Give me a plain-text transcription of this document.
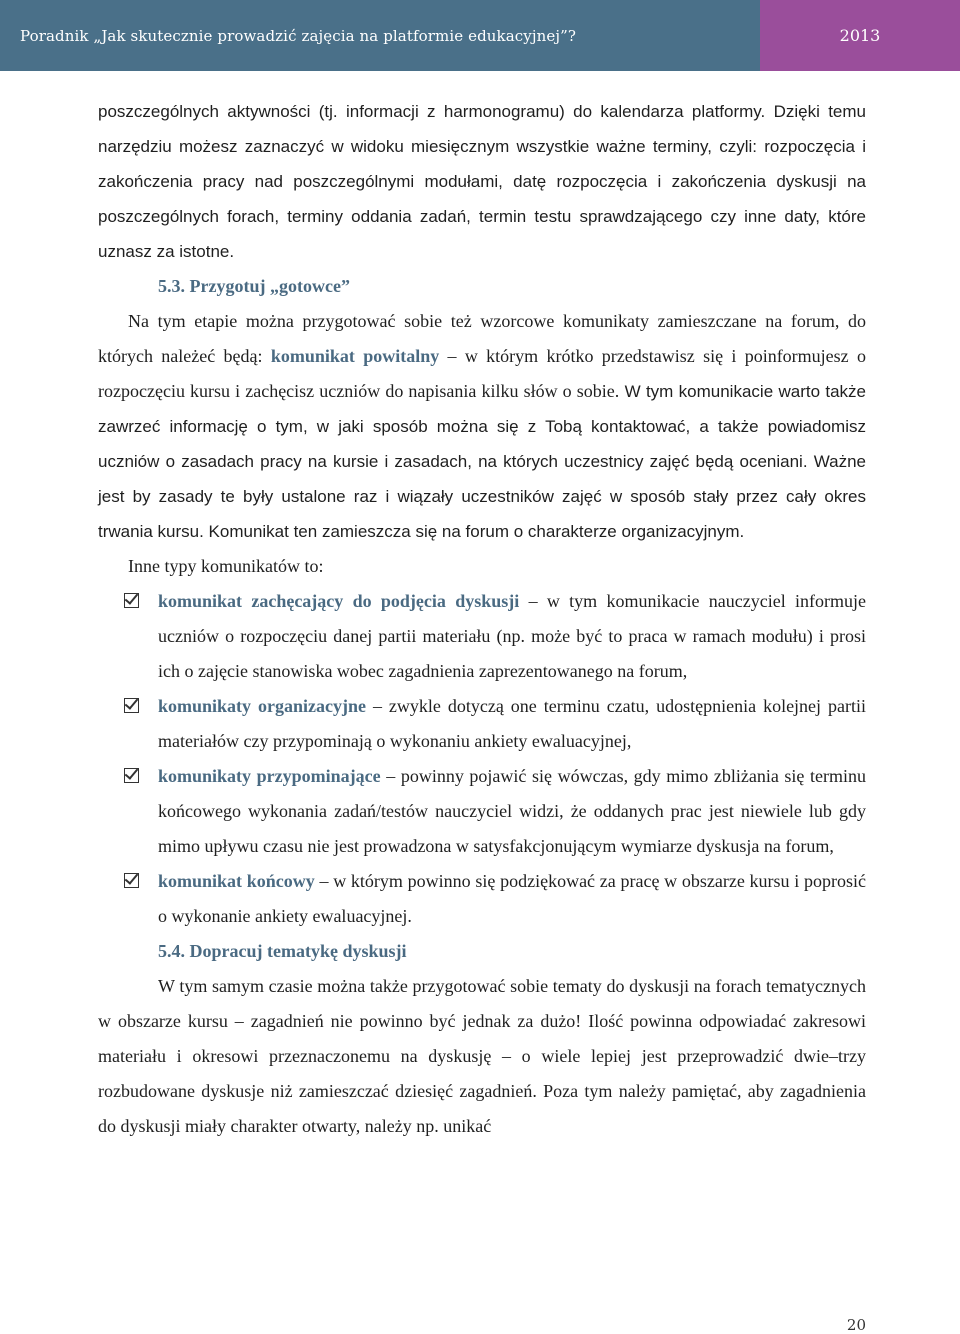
Poradnik „Jak skutecznie prowadzić zajęcia na platformie edukacyjnej”?	2013

poszczególnych aktywności (tj. informacji z harmonogramu) do kalendarza platformy. Dzięki temu narzędziu możesz zaznaczyć w widoku miesięcznym wszystkie ważne terminy, czyli: rozpoczęcia i zakończenia pracy nad poszczególnymi modułami, datę rozpoczęcia i zakończenia dyskusji na poszczególnych forach, terminy oddania zadań, termin testu sprawdzającego czy inne daty, które uznasz za istotne.

5.3. Przygotuj „gotowce”

Na tym etapie można przygotować sobie też wzorcowe komunikaty zamieszczane na forum, do których należeć będą: komunikat powitalny – w którym krótko przedstawisz się i poinformujesz o rozpoczęciu kursu i zachęcisz uczniów do napisania kilku słów o sobie. W tym komunikacie warto także zawrzeć informację o tym, w jaki sposób można się z Tobą kontaktować, a także powiadomisz uczniów o zasadach pracy na kursie i zasadach, na których uczestnicy zajęć będą oceniani. Ważne jest by zasady te były ustalone raz i wiązały uczestników zajęć w sposób stały przez cały okres trwania kursu. Komunikat ten zamieszcza się na forum o charakterze organizacyjnym.

Inne typy komunikatów to:

komunikat zachęcający do podjęcia dyskusji – w tym komunikacie nauczyciel informuje uczniów o rozpoczęciu danej partii materiału (np. może być to praca w ramach modułu) i prosi ich o zajęcie stanowiska wobec zagadnienia zaprezentowanego na forum,
komunikaty organizacyjne – zwykle dotyczą one terminu czatu, udostępnienia kolejnej partii materiałów czy przypominają o wykonaniu ankiety ewaluacyjnej,
komunikaty przypominające – powinny pojawić się wówczas, gdy mimo zbliżania się terminu końcowego wykonania zadań/testów nauczyciel widzi, że oddanych prac jest niewiele lub gdy mimo upływu czasu nie jest prowadzona w satysfakcjonującym wymiarze dyskusja na forum,
komunikat końcowy – w którym powinno się podziękować za pracę w obszarze kursu i poprosić o wykonanie ankiety ewaluacyjnej.

5.4. Dopracuj tematykę dyskusji

W tym samym czasie można także przygotować sobie tematy do dyskusji na forach tematycznych w obszarze kursu – zagadnień nie powinno być jednak za dużo! Ilość powinna odpowiadać zakresowi materiału i okresowi przeznaczonemu na dyskusję – o wiele lepiej jest przeprowadzić dwie–trzy rozbudowane dyskusje niż zamieszczać dziesięć zagadnień. Poza tym należy pamiętać, aby zagadnienia do dyskusji miały charakter otwarty, należy np. unikać

20
